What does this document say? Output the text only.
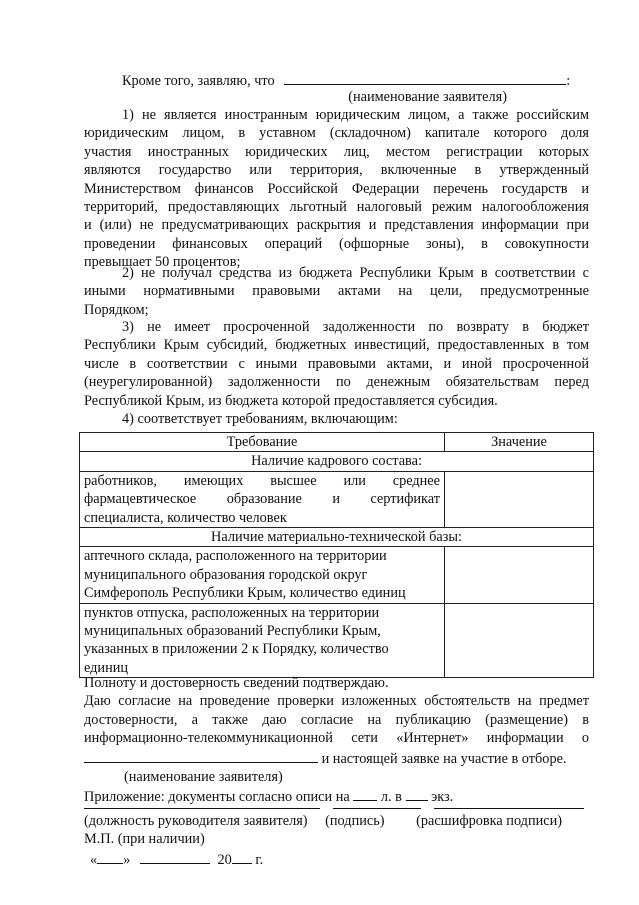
Кроме того, заявляю, что	:
(наименование заявителя)
1) не является иностранным юридическим лицом, а также российским
юридическим лицом, в уставном (складочном) капитале которого доля
участия иностранных юридических лиц, местом регистрации которых
являются государство или территория, включенные в утвержденный
Министерством финансов Российской Федерации перечень государств и
территорий, предоставляющих льготный налоговый режим налогообложения
и (или) не предусматривающих раскрытия и представления информации при
проведении финансовых операций (офшорные зоны), в совокупности
превышает 50 процентов;
2) не получал средства из бюджета Республики Крым в соответствии с
иными нормативными правовыми актами на цели, предусмотренные
Порядком;
3) не имеет просроченной задолженности по возврату в бюджет
Республики Крым субсидий, бюджетных инвестиций, предоставленных в том
числе в соответствии с иными правовыми актами, и иной просроченной
(неурегулированной) задолженности по денежным обязательствам перед
Республикой Крым, из бюджета которой предоставляется субсидия.
4) соответствует требованиям, включающим:
Требование	Значение
Наличие кадрового состава:	

работников, имеющих высшее или среднее
фармацевтическое образование и сертификат
специалиста, количество человек	

Наличие материально-технической базы:	

аптечного склада, расположенного на территории
муниципального образования городской округ
Симферополь Республики Крым, количество единиц	

пунктов отпуска, расположенных на территории
муниципальных образований Республики Крым,
указанных в приложении 2 к Порядку, количество
единиц	

Полноту и достоверность сведений подтверждаю.
Даю согласие на проведение проверки изложенных обстоятельств на предмет
достоверности, а также даю согласие на публикацию (размещение) в
информационно-телекоммуникационной сети «Интернет» информации о
и настоящей заявке на участие в отборе.
(наименование заявителя)
Приложение: документы согласно описи на л. в экз.
(должность руководителя заявителя) (подпись) (расшифровка подписи)
М.П. (при наличии)
« »	20 г.
